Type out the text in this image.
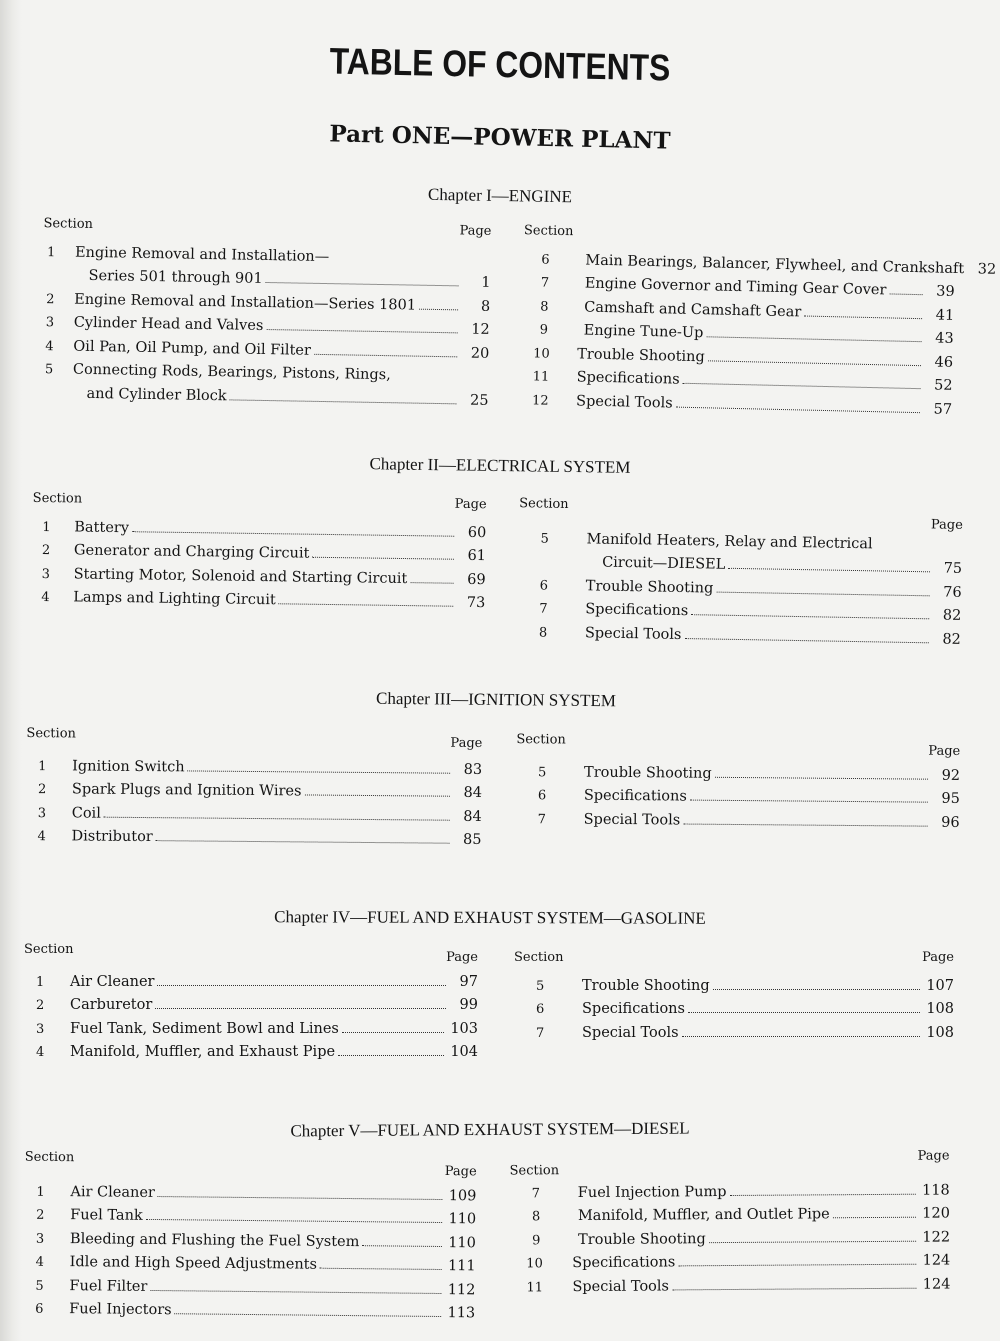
TABLE OF CONTENTS
Part ONE—POWER PLANT
Chapter I—ENGINE
Section	Page
1	Engine Removal and Installation—
Series 501 through 901	1
2	Engine Removal and Installation—Series 1801	8
3	Cylinder Head and Valves	12
4	Oil Pan, Oil Pump, and Oil Filter	20
5	Connecting Rods, Bearings, Pistons, Rings,
and Cylinder Block	25
Section
6	Main Bearings, Balancer, Flywheel, and Crankshaft 32
7	Engine Governor and Timing Gear Cover	39
8	Camshaft and Camshaft Gear	41
9	Engine Tune-Up	43
10	Trouble Shooting	46
11	Specifications	52
12	Special Tools	57
Chapter II—ELECTRICAL SYSTEM
Section	Page
1	Battery	60
2	Generator and Charging Circuit	61
3	Starting Motor, Solenoid and Starting Circuit	69
4	Lamps and Lighting Circuit	73
Section
Page
5	Manifold Heaters, Relay and Electrical
Circuit—DIESEL	75
6	Trouble Shooting	76
7	Specifications	82
8	Special Tools	82
Chapter III—IGNITION SYSTEM
Section
Page
1	Ignition Switch	83
2	Spark Plugs and Ignition Wires	84
3	Coil	84
4	Distributor	85
Section
Page
5	Trouble Shooting	92
6	Specifications	95
7	Special Tools	96
Chapter IV—FUEL AND EXHAUST SYSTEM—GASOLINE
Section
Page
1	Air Cleaner	97
2	Carburetor	99
3	Fuel Tank, Sediment Bowl and Lines	103
4	Manifold, Muffler, and Exhaust Pipe	104
Section	Page
5	Trouble Shooting	107
6	Specifications	108
7	Special Tools	108
Chapter V—FUEL AND EXHAUST SYSTEM—DIESEL
Section
Page
1	Air Cleaner	109
2	Fuel Tank	110
3	Bleeding and Flushing the Fuel System	110
4	Idle and High Speed Adjustments	111
5	Fuel Filter	112
6	Fuel Injectors	113
Section
Page
7	Fuel Injection Pump	118
8	Manifold, Muffler, and Outlet Pipe	120
9	Trouble Shooting	122
10	Specifications	124
11	Special Tools	124
